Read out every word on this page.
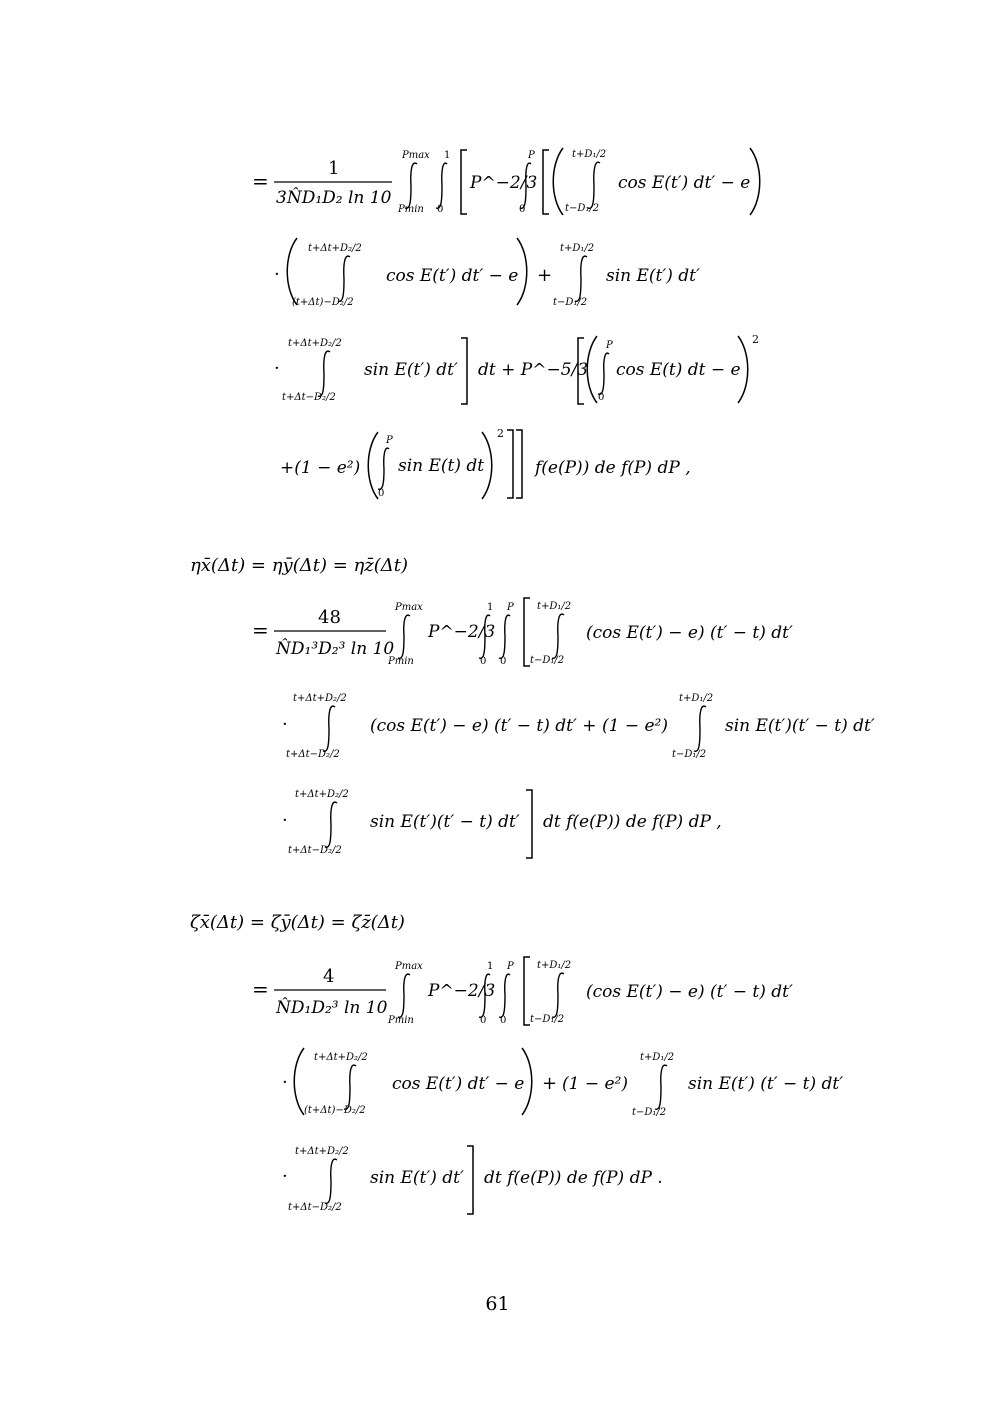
=
1
3N̂D₁D₂ ln 10
Pmax
Pmin
1
0
P^−2/3
P
0
t+D₁/2
t−D₁/2
cos E(t′) dt′ − e
·
t+Δt+D₂/2
(t+Δt)−D₂/2
cos E(t′) dt′ − e +
t+D₁/2
t−D₁/2
sin E(t′) dt′
·
t+Δt+D₂/2
t+Δt−D₂/2
sin E(t′) dt′ dt + P^−5/3
P
0
cos E(t) dt − e
2
+(1 − e²)
P
0
sin E(t) dt
2
f(e(P)) de f(P) dP ,
ηx̄(Δt) = ηȳ(Δt) = ηz̄(Δt)
=
48
N̂D₁³D₂³ ln 10
Pmax
Pmin
P^−2/3
1
0
P
0
t+D₁/2
t−D₁/2
(cos E(t′) − e) (t′ − t) dt′
·
t+Δt+D₂/2
t+Δt−D₂/2
(cos E(t′) − e) (t′ − t) dt′ + (1 − e²)
t+D₁/2
t−D₁/2
sin E(t′)(t′ − t) dt′
·
t+Δt+D₂/2
t+Δt−D₂/2
sin E(t′)(t′ − t) dt′ dt f(e(P)) de f(P) dP ,
ζx̄(Δt) = ζȳ(Δt) = ζz̄(Δt)
=
4
N̂D₁D₂³ ln 10
Pmax
Pmin
P^−2/3
1
0
P
0
t+D₁/2
t−D₁/2
(cos E(t′) − e) (t′ − t) dt′
·
t+Δt+D₂/2
(t+Δt)−D₂/2
cos E(t′) dt′ − e + (1 − e²)
t+D₁/2
t−D₁/2
sin E(t′) (t′ − t) dt′
·
t+Δt+D₂/2
t+Δt−D₂/2
sin E(t′) dt′ dt f(e(P)) de f(P) dP .
61
